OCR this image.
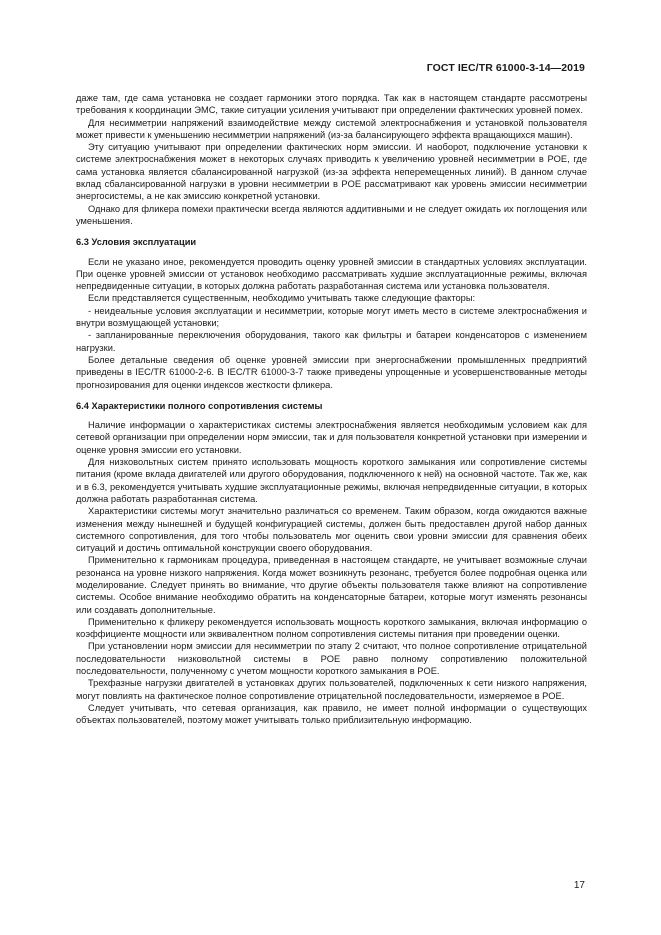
ГОСТ IEC/TR 61000-3-14—2019

даже там, где сама установка не создает гармоники этого порядка. Так как в настоящем стандарте рассмотрены требования к координации ЭМС, такие ситуации усиления учитывают при определении фактических уровней помех.

Для несимметрии напряжений взаимодействие между системой электроснабжения и установкой пользователя может привести к уменьшению несимметрии напряжений (из-за балансирующего эффекта вращающихся машин).

Эту ситуацию учитывают при определении фактических норм эмиссии. И наоборот, подключение установки к системе электроснабжения может в некоторых случаях приводить к увеличению уровней несимметрии в POE, где сама установка является сбалансированной нагрузкой (из-за эффекта неперемещенных линий). В данном случае вклад сбалансированной нагрузки в уровни несимметрии в POE рассматривают как уровень эмиссии несимметрии энергосистемы, а не как эмиссию конкретной установки.

Однако для фликера помехи практически всегда являются аддитивными и не следует ожидать их поглощения или уменьшения.

6.3 Условия эксплуатации

Если не указано иное, рекомендуется проводить оценку уровней эмиссии в стандартных условиях эксплуатации. При оценке уровней эмиссии от установок необходимо рассматривать худшие эксплуатационные режимы, включая непредвиденные ситуации, в которых должна работать разработанная система или установка пользователя.

Если представляется существенным, необходимо учитывать также следующие факторы:

- неидеальные условия эксплуатации и несимметрии, которые могут иметь место в системе электроснабжения и внутри возмущающей установки;

- запланированные переключения оборудования, такого как фильтры и батареи конденсаторов с изменением нагрузки.

Более детальные сведения об оценке уровней эмиссии при энергоснабжении промышленных предприятий приведены в IEC/TR 61000-2-6. В IEC/TR 61000-3-7 также приведены упрощенные и усовершенствованные методы прогнозирования для оценки индексов жесткости фликера.

6.4 Характеристики полного сопротивления системы

Наличие информации о характеристиках системы электроснабжения является необходимым условием как для сетевой организации при определении норм эмиссии, так и для пользователя конкретной установки при измерении и оценке уровня эмиссии его установки.

Для низковольтных систем принято использовать мощность короткого замыкания или сопротивление системы питания (кроме вклада двигателей или другого оборудования, подключенного к ней) на основной частоте. Так же, как и в 6.3, рекомендуется учитывать худшие эксплуатационные режимы, включая непредвиденные ситуации, в которых должна работать разработанная система.

Характеристики системы могут значительно различаться со временем. Таким образом, когда ожидаются важные изменения между нынешней и будущей конфигурацией системы, должен быть предоставлен другой набор данных системного сопротивления, для того чтобы пользователь мог оценить свои уровни эмиссии для сравнения обеих ситуаций и достичь оптимальной конструкции своего оборудования.

Применительно к гармоникам процедура, приведенная в настоящем стандарте, не учитывает возможные случаи резонанса на уровне низкого напряжения. Когда может возникнуть резонанс, требуется более подробная оценка или моделирование. Следует принять во внимание, что другие объекты пользователя также влияют на сопротивление системы. Особое внимание необходимо обратить на конденсаторные батареи, которые могут изменять резонансы или создавать дополнительные.

Применительно к фликеру рекомендуется использовать мощность короткого замыкания, включая информацию о коэффициенте мощности или эквивалентном полном сопротивления системы питания при проведении оценки.

При установлении норм эмиссии для несимметрии по этапу 2 считают, что полное сопротивление отрицательной последовательности низковольтной системы в POE равно полному сопротивлению положительной последовательности, полученному с учетом мощности короткого замыкания в POE.

Трехфазные нагрузки двигателей в установках других пользователей, подключенных к сети низкого напряжения, могут повлиять на фактическое полное сопротивление отрицательной последовательности, измеряемое в POE.

Следует учитывать, что сетевая организация, как правило, не имеет полной информации о существующих объектах пользователей, поэтому может учитывать только приблизительную информацию.

17
